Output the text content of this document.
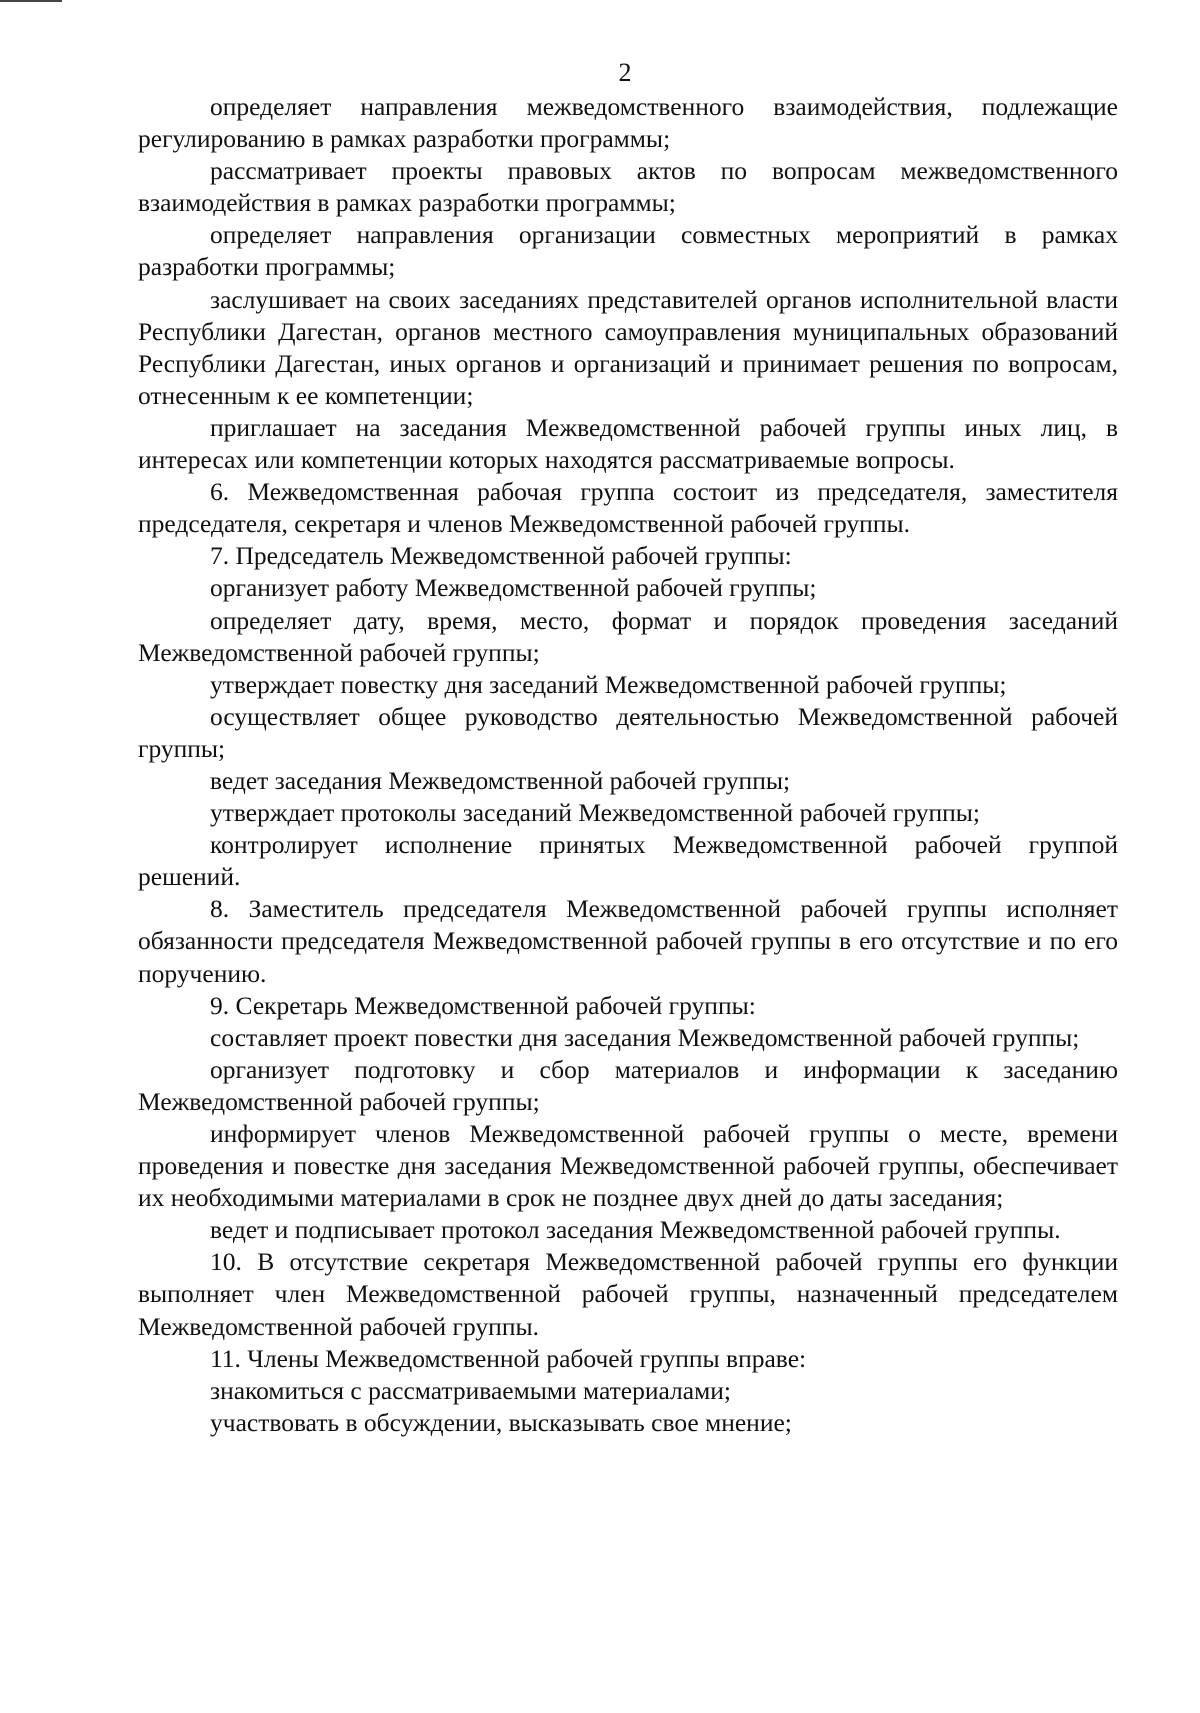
2

определяет направления межведомственного взаимодействия, подлежащие регулированию в рамках разработки программы;

рассматривает проекты правовых актов по вопросам межведомственного взаимодействия в рамках разработки программы;

определяет направления организации совместных мероприятий в рамках разработки программы;

заслушивает на своих заседаниях представителей органов исполнительной власти Республики Дагестан, органов местного самоуправления муниципальных образований Республики Дагестан, иных органов и организаций и принимает решения по вопросам, отнесенным к ее компетенции;

приглашает на заседания Межведомственной рабочей группы иных лиц, в интересах или компетенции которых находятся рассматриваемые вопросы.

6. Межведомственная рабочая группа состоит из председателя, заместителя председателя, секретаря и членов Межведомственной рабочей группы.

7. Председатель Межведомственной рабочей группы:

организует работу Межведомственной рабочей группы;

определяет дату, время, место, формат и порядок проведения заседаний Межведомственной рабочей группы;

утверждает повестку дня заседаний Межведомственной рабочей группы;

осуществляет общее руководство деятельностью Межведомственной рабочей группы;

ведет заседания Межведомственной рабочей группы;

утверждает протоколы заседаний Межведомственной рабочей группы;

контролирует исполнение принятых Межведомственной рабочей группой решений.

8. Заместитель председателя Межведомственной рабочей группы исполняет обязанности председателя Межведомственной рабочей группы в его отсутствие и по его поручению.

9. Секретарь Межведомственной рабочей группы:

составляет проект повестки дня заседания Межведомственной рабочей группы;

организует подготовку и сбор материалов и информации к заседанию Межведомственной рабочей группы;

информирует членов Межведомственной рабочей группы о месте, времени проведения и повестке дня заседания Межведомственной рабочей группы, обеспечивает их необходимыми материалами в срок не позднее двух дней до даты заседания;

ведет и подписывает протокол заседания Межведомственной рабочей группы.

10. В отсутствие секретаря Межведомственной рабочей группы его функции выполняет член Межведомственной рабочей группы, назначенный председателем Межведомственной рабочей группы.

11. Члены Межведомственной рабочей группы вправе:

знакомиться с рассматриваемыми материалами;

участвовать в обсуждении, высказывать свое мнение;
